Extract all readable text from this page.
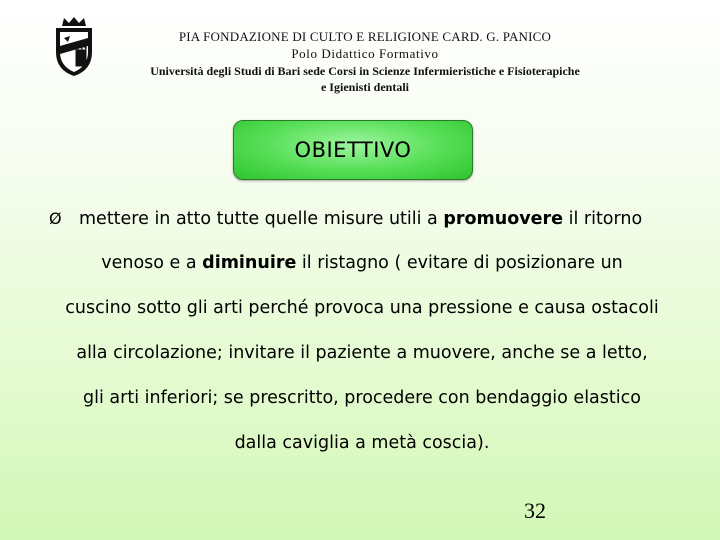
PIA FONDAZIONE DI CULTO E RELIGIONE CARD. G. PANICO
Polo Didattico Formativo
Università degli Studi di Bari sede Corsi in Scienze Infermieristiche e Fisioterapiche
e Igienisti dentali
OBIETTIVO
Ø mettere in atto tutte quelle misure utili a promuovere il ritorno
venoso e a diminuire il ristagno ( evitare di posizionare un
cuscino sotto gli arti perché provoca una pressione e causa ostacoli
alla circolazione; invitare il paziente a muovere, anche se a letto,
gli arti inferiori; se prescritto, procedere con bendaggio elastico
dalla caviglia a metà coscia).
32
